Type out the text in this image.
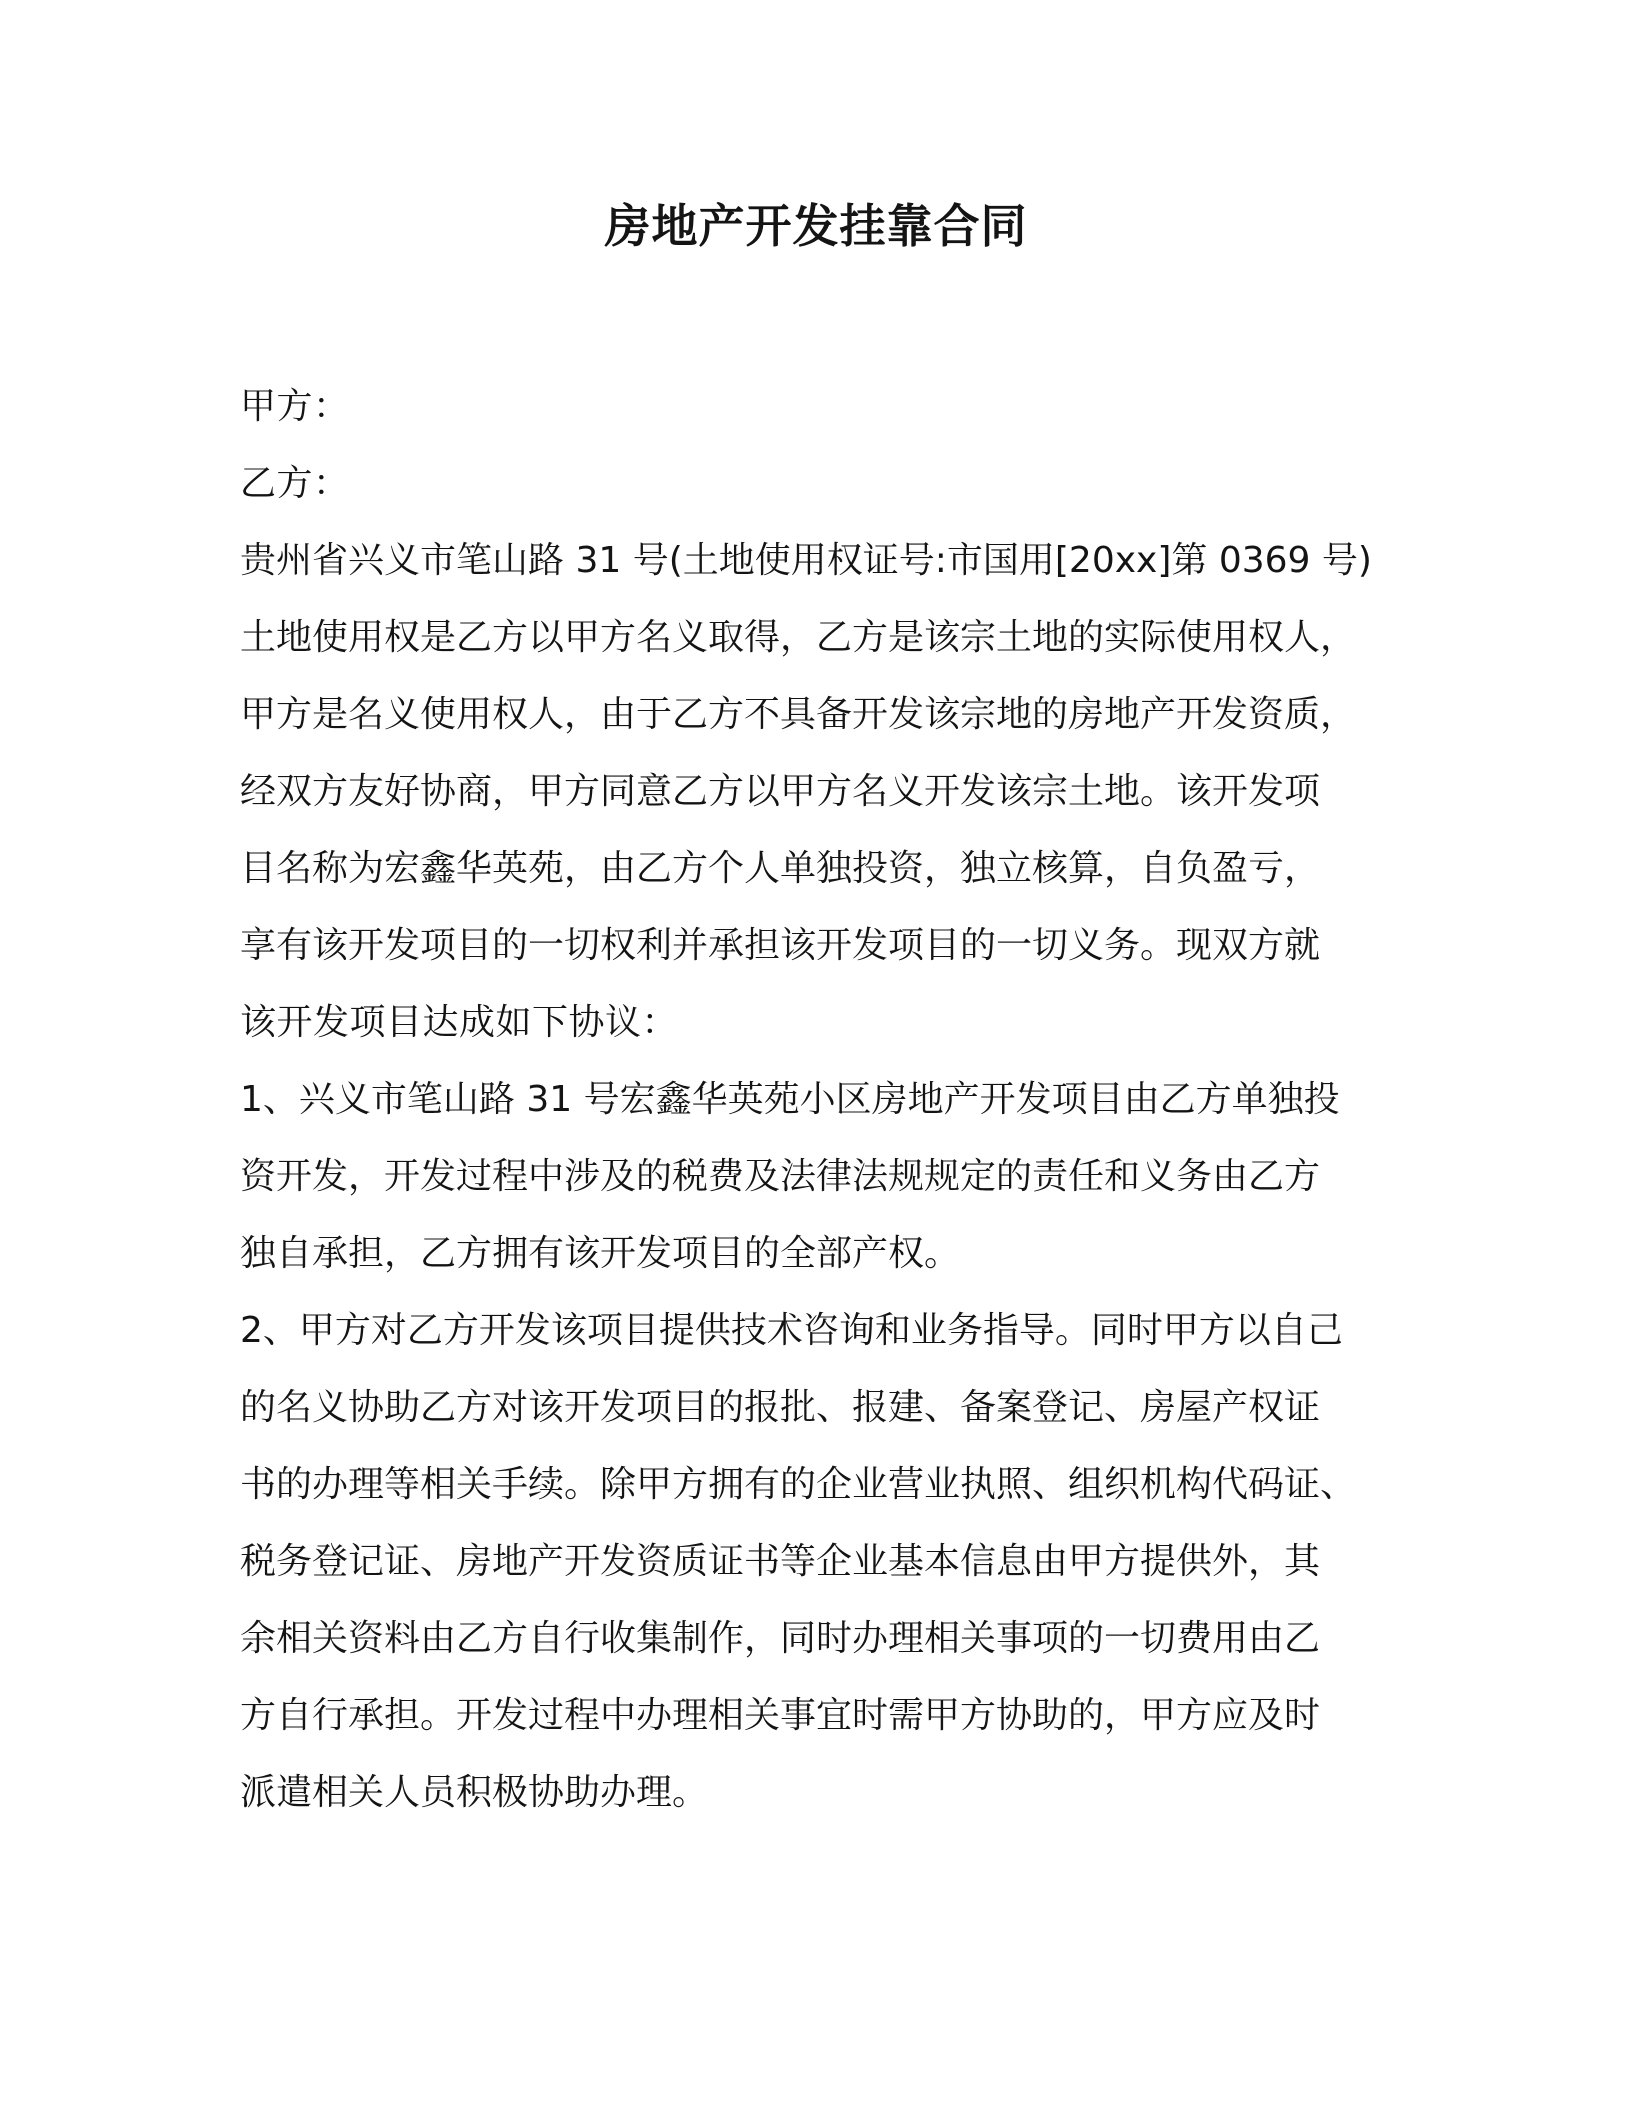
房地产开发挂靠合同
甲方：
乙方：
贵州省兴义市笔山路 31 号(土地使用权证号:市国用[20xx]第 0369 号)
土地使用权是乙方以甲方名义取得，乙方是该宗土地的实际使用权人，
甲方是名义使用权人，由于乙方不具备开发该宗地的房地产开发资质，
经双方友好协商，甲方同意乙方以甲方名义开发该宗土地。该开发项
目名称为宏鑫华英苑，由乙方个人单独投资，独立核算，自负盈亏，
享有该开发项目的一切权利并承担该开发项目的一切义务。现双方就
该开发项目达成如下协议：
1、兴义市笔山路 31 号宏鑫华英苑小区房地产开发项目由乙方单独投
资开发，开发过程中涉及的税费及法律法规规定的责任和义务由乙方
独自承担，乙方拥有该开发项目的全部产权。
2、甲方对乙方开发该项目提供技术咨询和业务指导。同时甲方以自己
的名义协助乙方对该开发项目的报批、报建、备案登记、房屋产权证
书的办理等相关手续。除甲方拥有的企业营业执照、组织机构代码证、
税务登记证、房地产开发资质证书等企业基本信息由甲方提供外，其
余相关资料由乙方自行收集制作，同时办理相关事项的一切费用由乙
方自行承担。开发过程中办理相关事宜时需甲方协助的，甲方应及时
派遣相关人员积极协助办理。
